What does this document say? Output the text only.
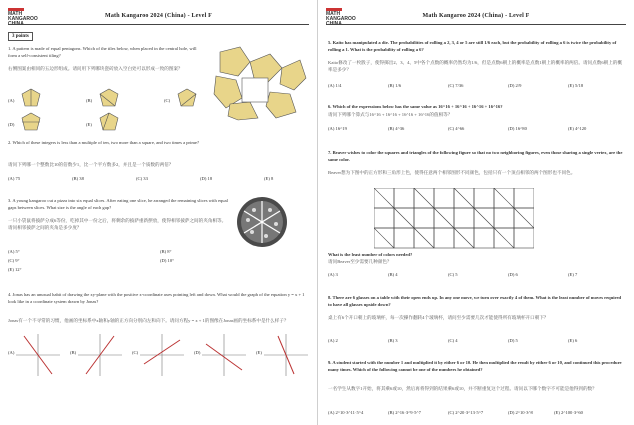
MATH
KANGAROO
CHINA
Math Kangaroo 2024 (China) - Level F
3 points
1. A pattern is made of equal pentagons. Which of the tiles below, when placed in the central hole, will form a self-consistent tiling?
右侧图案由相同的五边形组成。请问用下列哪块瓷砖放入空白处可以形成一致的图案？
(A)	(B)	(C)
(D)	(E)
2. Which of these integers is less than a multiple of ten, two more than a square, and two times a prime?
请问下列哪一个整数比10的倍数少1，比一个平方数多2，并且是一个质数的两倍？
(A) 75	(B) 38	(C) 33	(D) 18	(E) 8
3. A young kangaroo cut a pizza into six equal slices. After eating one slice, he arranged the remaining slices with equal gaps between slices. What size is the angle of each gap?
一只小袋鼠将披萨分成6等份，吃掉其中一份之后，将剩余的披萨重新摆放，使得相邻披萨之间的夹角相等。请问相邻披萨之间的夹角是多少度？
(A) 5°	(B) 8°
(C) 9°	(D) 10°
(E) 12°
4. Jonas has an unusual habit of drawing the xy-plane with the positive x-coordinate axes pointing left and down. What would the graph of the equation y = x + 1 look like in a coordinate system drawn by Jonas?
Jonas有一个不寻常的习惯，他画的坐标系中x轴和y轴的正方向分别向左和向下。请问方程y = x + 1的图像在Jonas画的坐标系中是什么样子？
(A)	(B)	(C)	(D)	(E)
MATH
KANGAROO
CHINA
Math Kangaroo 2024 (China) - Level F
5. Kaito has manipulated a die. The probabilities of rolling a 2, 3, 4 or 5 are still 1/6 each, but the probability of rolling a 6 is twice the probability of rolling a 1. What is the probability of rolling a 6?
Kaito修改了一枚骰子，使得掷出2、3、4、5中各个点数的概率仍然均为1/6，但是点数6朝上的概率是点数1朝上的概率的两倍。请问点数6朝上的概率是多少？
(A) 1/4	(B) 1/6	(C) 7/36	(D) 2/9	(E) 5/18
6. Which of the expressions below has the same value as 16^16 + 16^16 + 16^16 + 16^16?
请问下列哪个算式与16^16 + 16^16 + 16^16 + 16^16的值相等？
(A) 16^19	(B) 4^36	(C) 4^66	(D) 16^80	(E) 4^120
7. Beaver wishes to color the squares and triangles of the following figure so that no two neighboring figures, even those sharing a single vertex, are the same color.
Beaver想为下图中的正方形和三角形上色，使得任意两个相邻图形不同颜色，包括只有一个顶点相邻的两个图形也不同色。
What is the least number of colors needed?
请问Beaver至少需要几种颜色？
(A) 3	(B) 4	(C) 5	(D) 6	(E) 7
8. There are 6 glasses on a table with their open ends up. In any one move, we turn over exactly 4 of them. What is the least number of moves required to have all glasses upside down?
桌上有6个开口朝上的玻璃杯，每一次操作翻转4个玻璃杯，请问至少需要几次才能使得所有玻璃杯开口朝下？
(A) 2	(B) 3	(C) 4	(D) 5	(E) 6
9. A student started with the number 1 and multiplied it by either 6 or 10. He then multiplied the result by either 6 or 10, and continued this procedure many times. Which of the following cannot be one of the numbers he obtained?
一名学生从数字1开始，将其乘6或10，然后再将得到的结果乘6或10，并不断重复这个过程。请问以下哪个数字不可能是他得到的数？
(A) 2^10·3^11·5^4	(B) 2^16·3^9·5^7	(C) 2^20·3^13·5^7	(D) 2^10·3^8	(E) 2^100·3^60
